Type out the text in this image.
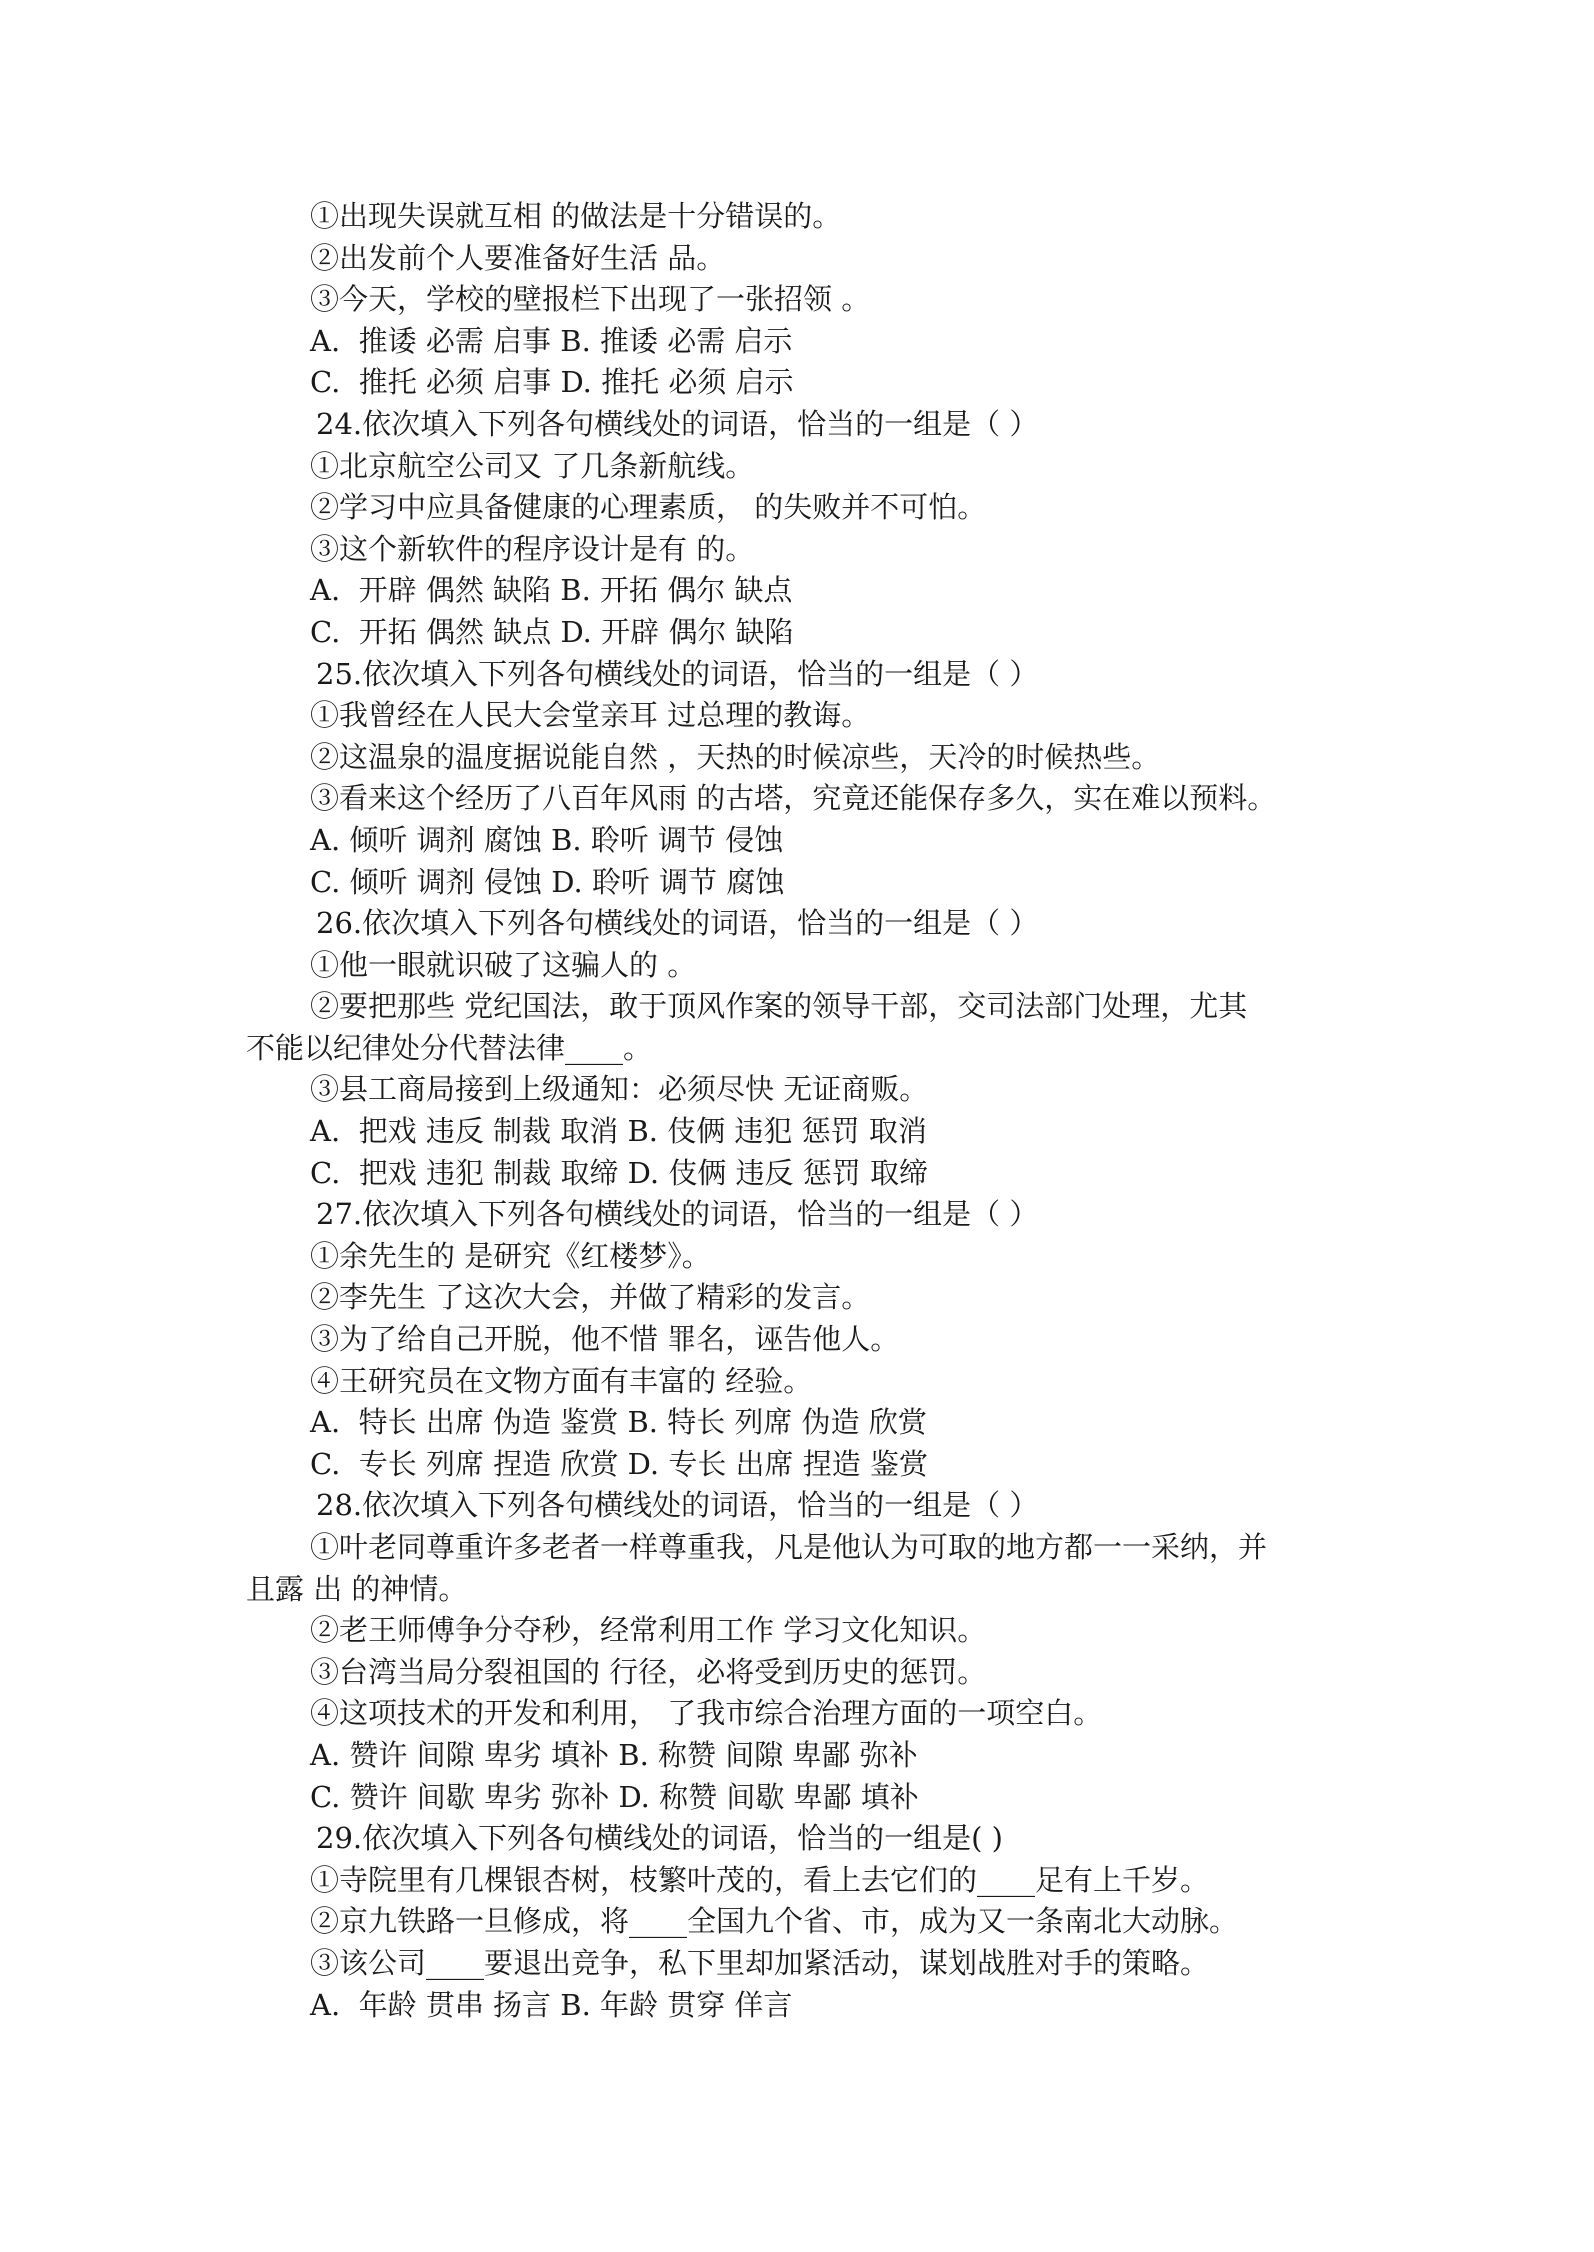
①出现失误就互相 的做法是十分错误的。
②出发前个人要准备好生活 品。
③今天，学校的壁报栏下出现了一张招领 。
A.  推诿 必需 启事 B. 推诿 必需 启示
C.  推托 必须 启事 D. 推托 必须 启示
24.依次填入下列各句横线处的词语，恰当的一组是（ ）
①北京航空公司又 了几条新航线。
②学习中应具备健康的心理素质， 的失败并不可怕。
③这个新软件的程序设计是有 的。
A.  开辟 偶然 缺陷 B. 开拓 偶尔 缺点
C.  开拓 偶然 缺点 D. 开辟 偶尔 缺陷
25.依次填入下列各句横线处的词语，恰当的一组是（ ）
①我曾经在人民大会堂亲耳 过总理的教诲。
②这温泉的温度据说能自然 ，天热的时候凉些，天冷的时候热些。
③看来这个经历了八百年风雨 的古塔，究竟还能保存多久，实在难以预料。
A. 倾听 调剂 腐蚀 B. 聆听 调节 侵蚀
C. 倾听 调剂 侵蚀 D. 聆听 调节 腐蚀
26.依次填入下列各句横线处的词语，恰当的一组是（ ）
①他一眼就识破了这骗人的 。
②要把那些 党纪国法，敢于顶风作案的领导干部，交司法部门处理，尤其
不能以纪律处分代替法律____。
③县工商局接到上级通知：必须尽快 无证商贩。
A.  把戏 违反 制裁 取消 B. 伎俩 违犯 惩罚 取消
C.  把戏 违犯 制裁 取缔 D. 伎俩 违反 惩罚 取缔
27.依次填入下列各句横线处的词语，恰当的一组是（ ）
①余先生的 是研究《红楼梦》。
②李先生 了这次大会，并做了精彩的发言。
③为了给自己开脱，他不惜 罪名，诬告他人。
④王研究员在文物方面有丰富的 经验。
A.  特长 出席 伪造 鉴赏 B. 特长 列席 伪造 欣赏
C.  专长 列席 捏造 欣赏 D. 专长 出席 捏造 鉴赏
28.依次填入下列各句横线处的词语，恰当的一组是（ ）
①叶老同尊重许多老者一样尊重我，凡是他认为可取的地方都一一采纳，并
且露 出 的神情。
②老王师傅争分夺秒，经常利用工作 学习文化知识。
③台湾当局分裂祖国的 行径，必将受到历史的惩罚。
④这项技术的开发和利用， 了我市综合治理方面的一项空白。
A. 赞许 间隙 卑劣 填补 B. 称赞 间隙 卑鄙 弥补
C. 赞许 间歇 卑劣 弥补 D. 称赞 间歇 卑鄙 填补
29.依次填入下列各句横线处的词语，恰当的一组是( )
①寺院里有几棵银杏树，枝繁叶茂的，看上去它们的____足有上千岁。
②京九铁路一旦修成，将____全国九个省、市，成为又一条南北大动脉。
③该公司____要退出竞争，私下里却加紧活动，谋划战胜对手的策略。
A.  年龄 贯串 扬言 B. 年龄 贯穿 佯言
